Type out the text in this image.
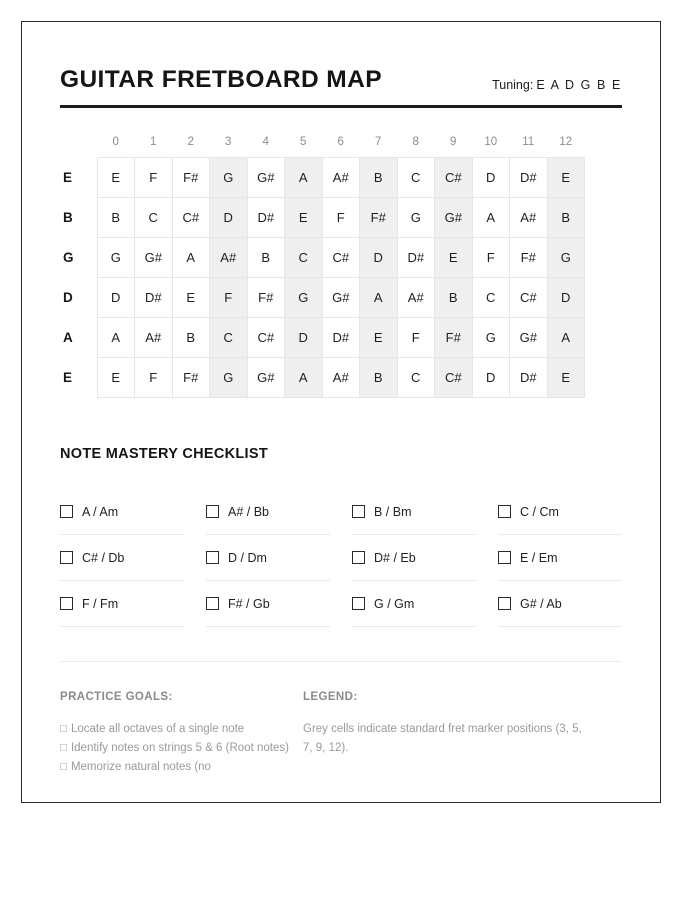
GUITAR FRETBOARD MAP	Tuning: E A D G B E
	0	1	2	3	4	5	6	7	8	9	10	11	12
E	E	F	F#	G	G#	A	A#	B	C	C#	D	D#	E
B	B	C	C#	D	D#	E	F	F#	G	G#	A	A#	B
G	G	G#	A	A#	B	C	C#	D	D#	E	F	F#	G
D	D	D#	E	F	F#	G	G#	A	A#	B	C	C#	D
A	A	A#	B	C	C#	D	D#	E	F	F#	G	G#	A
E	E	F	F#	G	G#	A	A#	B	C	C#	D	D#	E
NOTE MASTERY CHECKLIST
A / Am	A# / Bb	B / Bm	C / Cm
C# / Db	D / Dm	D# / Eb	E / Em
F / Fm	F# / Gb	G / Gm	G# / Ab
PRACTICE GOALS:
□ Locate all octaves of a single note
□ Identify notes on strings 5 & 6 (Root notes)
□ Memorize natural notes (no
LEGEND:
Grey cells indicate standard fret marker positions (3, 5, 7, 9, 12).
